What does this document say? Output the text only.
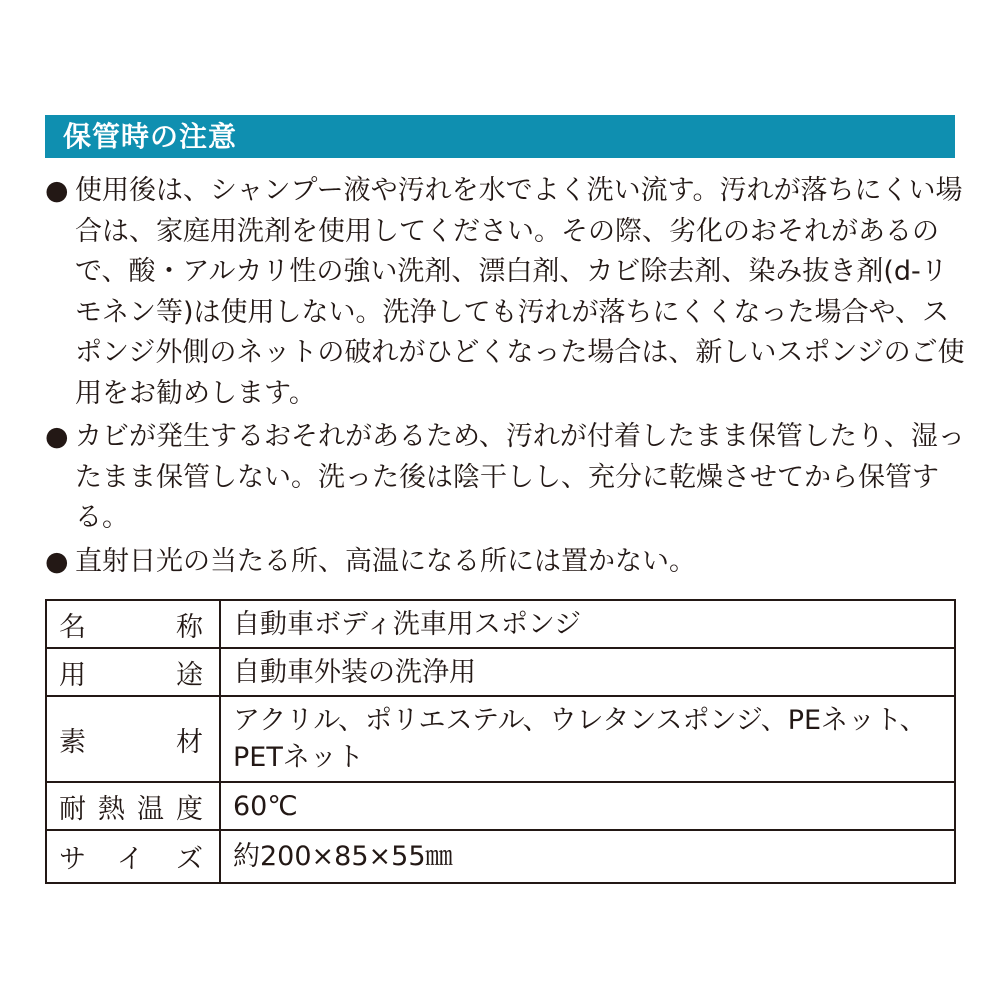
保管時の注意
● 使用後は、シャンプー液や汚れを水でよく洗い流す。汚れが落ちにくい場合は、家庭用洗剤を使用してください。その際、劣化のおそれがあるので、酸・アルカリ性の強い洗剤、漂白剤、カビ除去剤、染み抜き剤(d-リモネン等)は使用しない。洗浄しても汚れが落ちにくくなった場合や、スポンジ外側のネットの破れがひどくなった場合は、新しいスポンジのご使用をお勧めします。
● カビが発生するおそれがあるため、汚れが付着したまま保管したり、湿ったまま保管しない。洗った後は陰干しし、充分に乾燥させてから保管する。
● 直射日光の当たる所、高温になる所には置かない。
名称	自動車ボディ洗車用スポンジ
用途	自動車外装の洗浄用
素材	アクリル、ポリエステル、ウレタンスポンジ、PEネット、PETネット
耐熱温度	60℃
サイズ	約200×85×55㎜
